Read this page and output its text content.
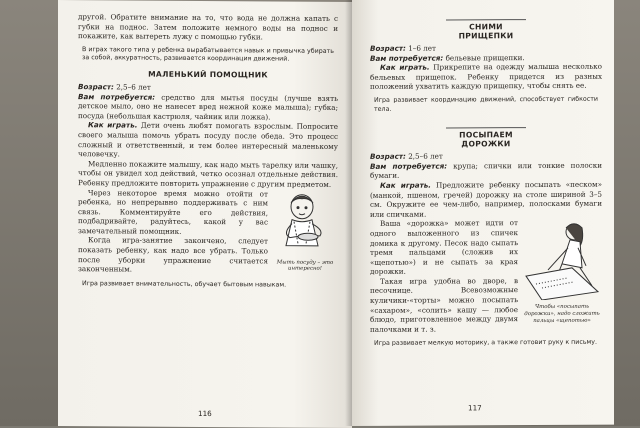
другой. Обратите внимание на то, что вода не должна капать с губки на поднос. Затем положите немного воды на поднос и покажите, как вытереть лужу с помощью губки.

В играх такого типа у ребенка вырабатывается навык и привычка убирать за собой, аккуратность, развивается координация движений.

МАЛЕНЬКИЙ ПОМОЩНИК

Возраст: 2,5–6 лет

Вам потребуется: средство для мытья посуды (лучше взять детское мыло, оно не нанесет вред нежной коже малыша); губка; посуда (небольшая кастрюля, чайник или ложка).

Как играть. Дети очень любят помогать взрослым. Попросите своего малыша помочь убрать посуду после обеда. Это процесс сложный и ответственный, и тем более интересный маленькому человечку.

Медленно покажите малышу, как надо мыть тарелку или чашку, чтобы он увидел ход действий, четко осознал отдельные действия. Ребенку предложите повторить упражнение с другим предметом.

Через некоторое время можно отойти от ребенка, но непрерывно поддерживать с ним связь. Комментируйте его действия, подбадривайте, радуйтесь, какой у вас замечательный помощник.

Когда игра-занятие закончено, следует показать ребенку, как надо все убрать. Только после уборки упражнение считается законченным.

Мыть посуду – это интересно!

Игра развивает внимательность, обучает бытовым навыкам.

116
СНИМИ ПРИЩЕПКИ

Возраст: 1–6 лет

Вам потребуется: бельевые прищепки.

Как играть. Прикрепите на одежду малыша несколько бельевых прищепок. Ребенку придется из разных положений ухватить каждую прищепку, чтобы снять ее.

Игра развивает координацию движений, способствует гибкости тела.

ПОСЫПАЕМ ДОРОЖКИ

Возраст: 2,5–6 лет

Вам потребуется: крупа; спички или тонкие полоски бумаги.

Как играть. Предложите ребенку посыпать «песком» (манкой, пшеном, гречей) дорожку на столе шириной 3–5 см. Окружите ее чем-либо, например, полосками бумаги или спичками.

Ваша «дорожка» может идти от одного выложенного из спичек домика к другому. Песок надо сыпать тремя пальцами (сложив их «щепотью») и не сыпать за края дорожки.

Такая игра удобна во дворе, в песочнице. Всевозможные куличики-«торты» можно посыпать «сахаром», «солить» кашу — любое блюдо, приготовленное между двумя палочками и т. з.

Чтобы «посыпать дорожки», надо сложить пальцы «щепотью»

Игра развивает мелкую моторику, а также готовит руку к письму.

117
